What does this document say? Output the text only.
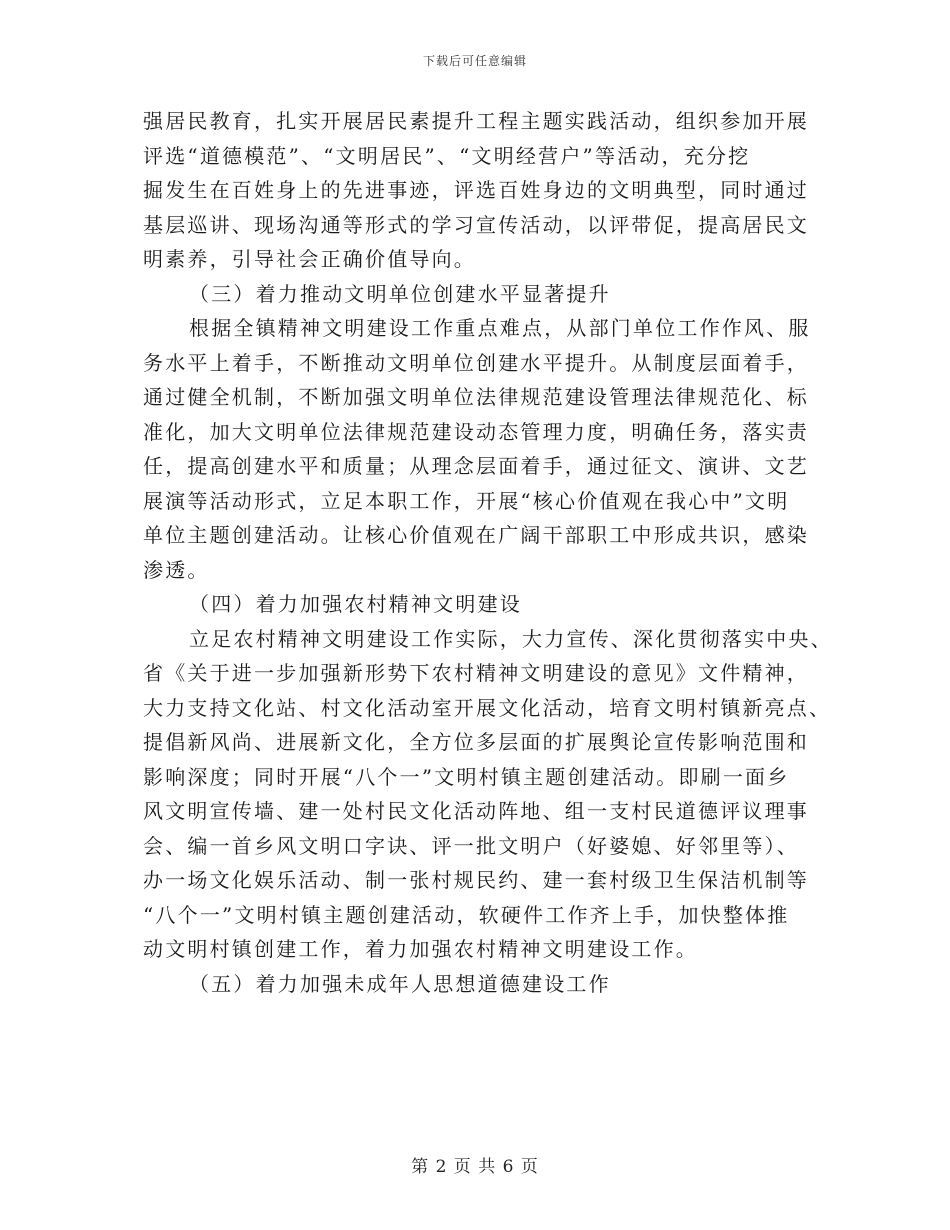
下载后可任意编辑
强居民教育，扎实开展居民素提升工程主题实践活动，组织参加开展
评选“道德模范”、“文明居民”、“文明经营户”等活动，充分挖
掘发生在百姓身上的先进事迹，评选百姓身边的文明典型，同时通过
基层巡讲、现场沟通等形式的学习宣传活动，以评带促，提高居民文
明素养，引导社会正确价值导向。
（三）着力推动文明单位创建水平显著提升
根据全镇精神文明建设工作重点难点，从部门单位工作作风、服
务水平上着手，不断推动文明单位创建水平提升。从制度层面着手，
通过健全机制，不断加强文明单位法律规范建设管理法律规范化、标
准化，加大文明单位法律规范建设动态管理力度，明确任务，落实责
任，提高创建水平和质量；从理念层面着手，通过征文、演讲、文艺
展演等活动形式，立足本职工作，开展“核心价值观在我心中”文明
单位主题创建活动。让核心价值观在广阔干部职工中形成共识，感染
渗透。
（四）着力加强农村精神文明建设
立足农村精神文明建设工作实际，大力宣传、深化贯彻落实中央、
省《关于进一步加强新形势下农村精神文明建设的意见》文件精神，
大力支持文化站、村文化活动室开展文化活动，培育文明村镇新亮点、
提倡新风尚、进展新文化，全方位多层面的扩展舆论宣传影响范围和
影响深度；同时开展“八个一”文明村镇主题创建活动。即刷一面乡
风文明宣传墙、建一处村民文化活动阵地、组一支村民道德评议理事
会、编一首乡风文明口字诀、评一批文明户（好婆媳、好邻里等）、
办一场文化娱乐活动、制一张村规民约、建一套村级卫生保洁机制等
“八个一”文明村镇主题创建活动，软硬件工作齐上手，加快整体推
动文明村镇创建工作，着力加强农村精神文明建设工作。
（五）着力加强未成年人思想道德建设工作
第 2 页 共 6 页
